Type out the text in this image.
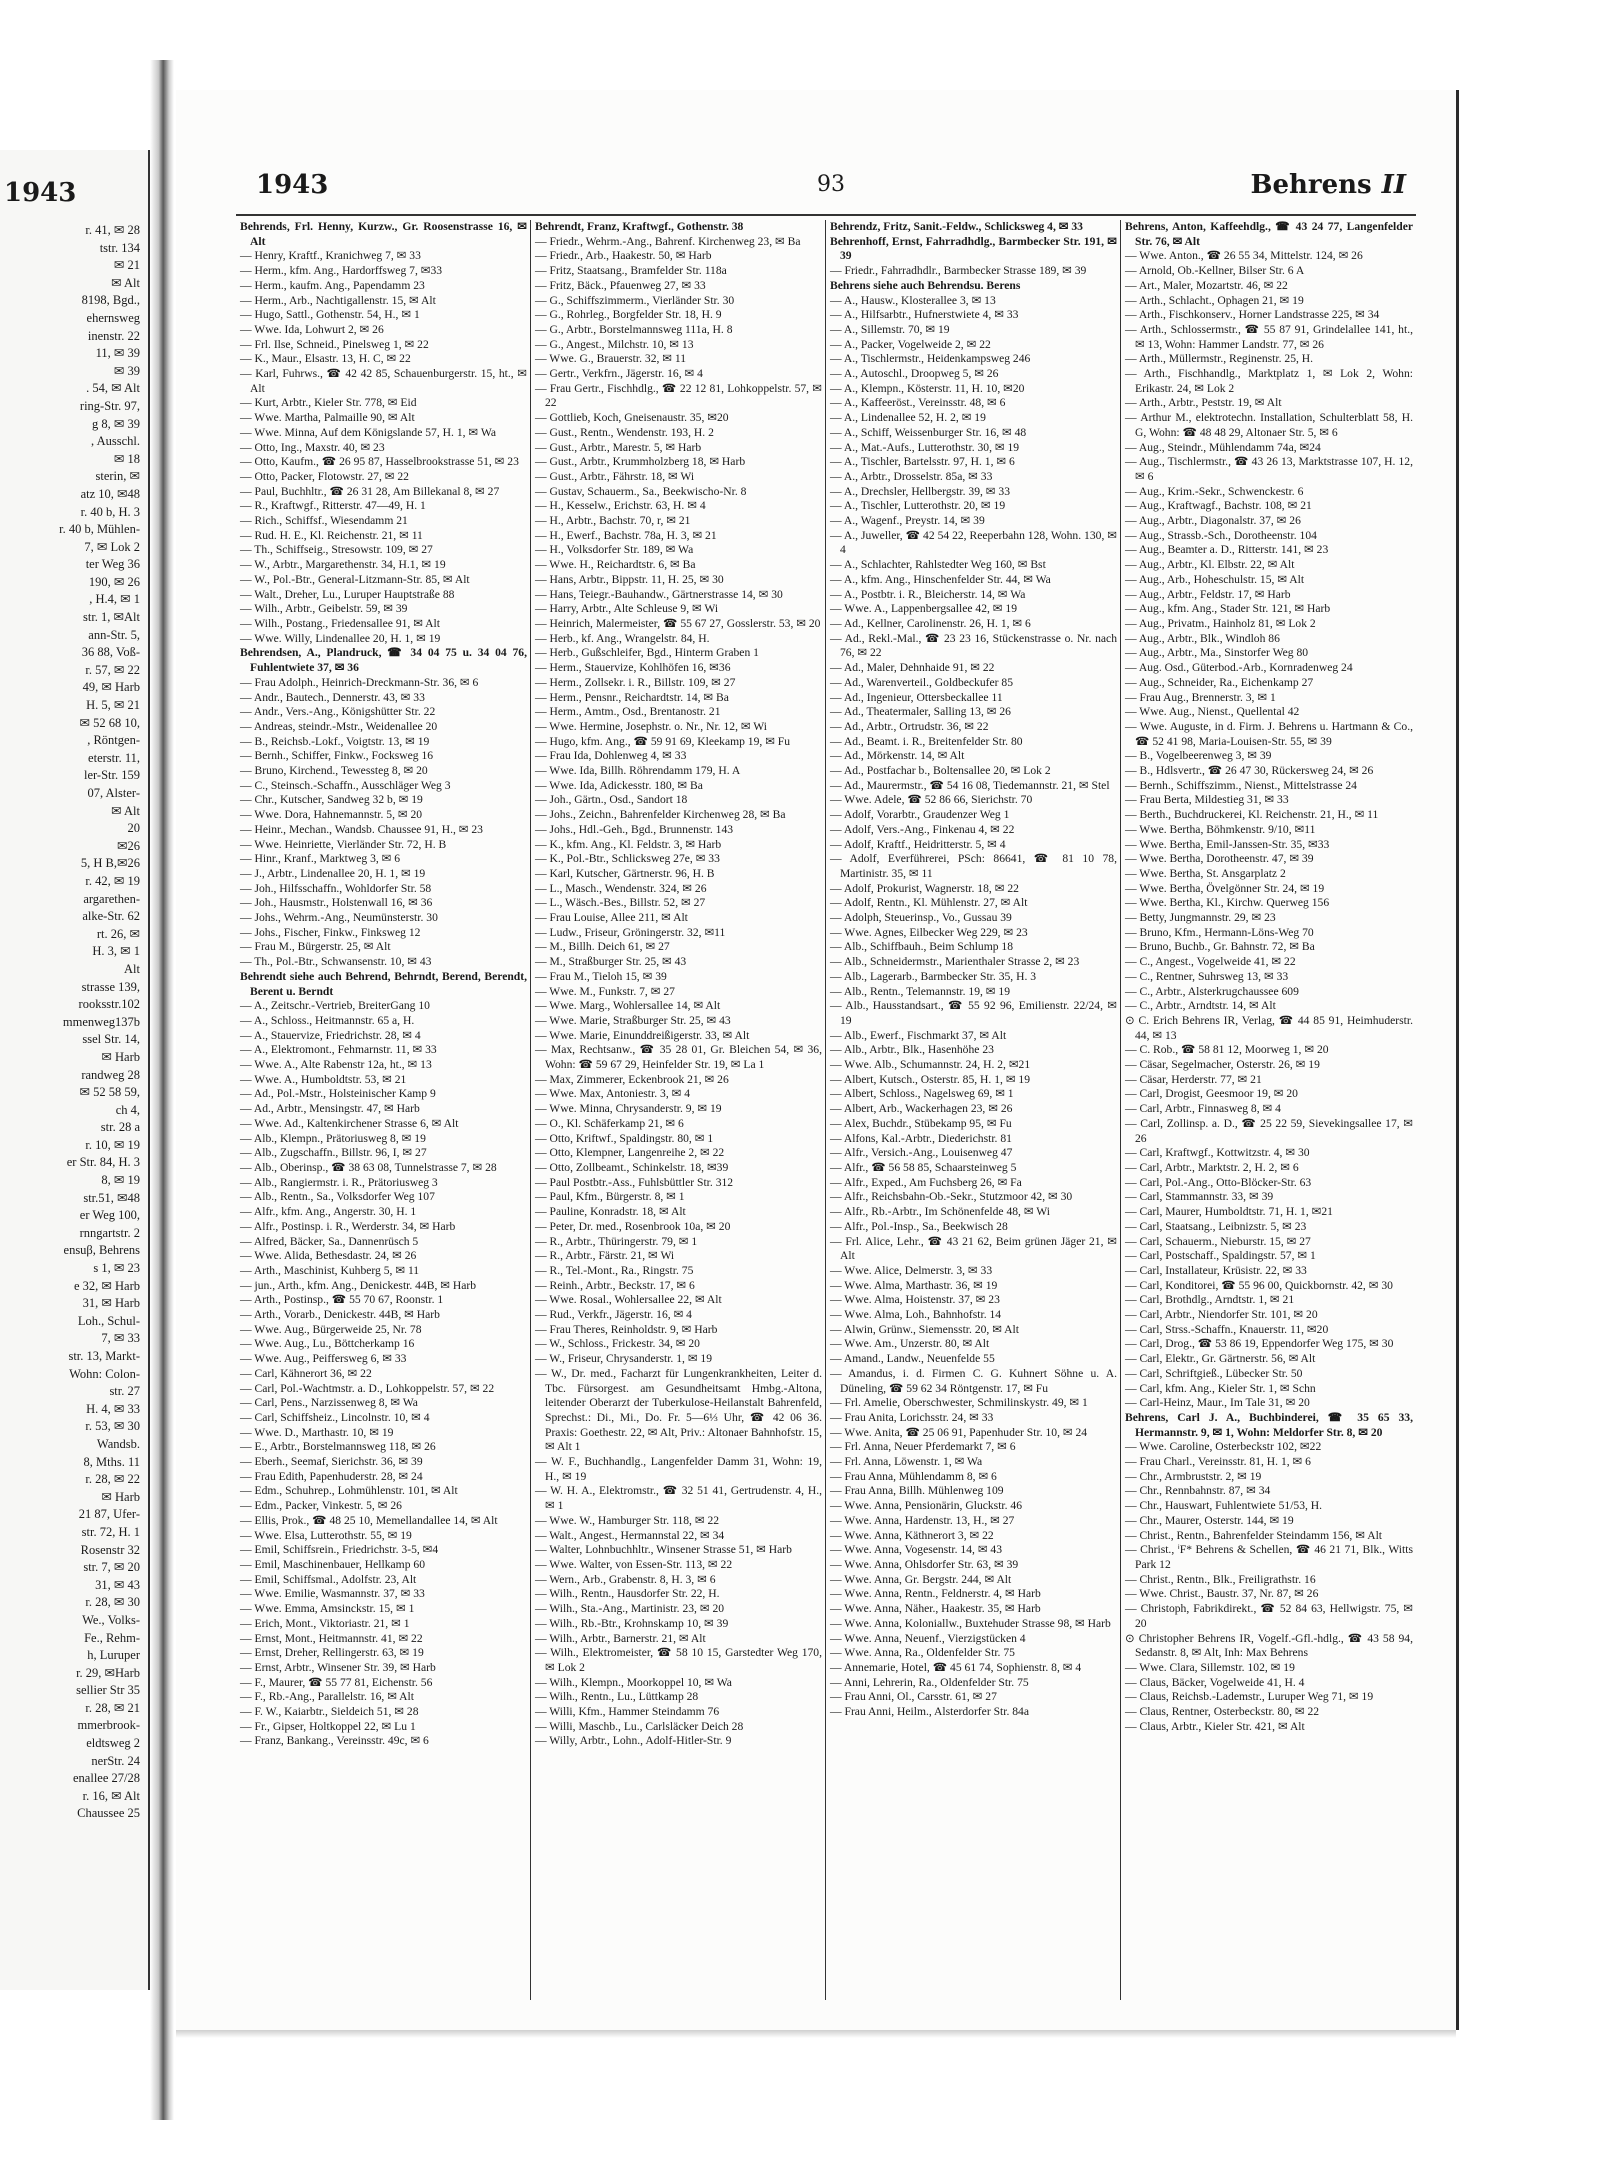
1943
r. 41, ✉ 28
tstr. 134
✉ 21
✉ Alt
8198, Bgd.,
ehernsweg
inenstr. 22
11, ✉ 39
✉ 39
. 54, ✉ Alt
ring-Str. 97,
g 8, ✉ 39
, Ausschl.
✉ 18
sterin, ✉
atz 10, ✉48
r. 40 b, H. 3
r. 40 b, Mühlen-
7, ✉ Lok 2
ter Weg 36
190, ✉ 26
, H.4, ✉ 1
str. 1, ✉Alt
ann-Str. 5,
36 88, Voß-
r. 57, ✉ 22
49, ✉ Harb
H. 5, ✉ 21
✉ 52 68 10,
, Röntgen-
eterstr. 11,
ler-Str. 159
07, Alster-
✉ Alt
20
✉26
5, H B,✉26
r. 42, ✉ 19
argarethen-
alke-Str. 62
rt. 26, ✉
H. 3, ✉ 1
Alt
strasse 139,
rooksstr.102
mmenweg137b
ssel Str. 14,
✉ Harb
randweg 28
✉ 52 58 59,
ch 4,
str. 28 a
r. 10, ✉ 19
er Str. 84, H. 3
8, ✉ 19
str.51, ✉48
er Weg 100,
rnngartstr. 2
ensuβ, Behrens
s 1, ✉ 23
e 32, ✉ Harb
31, ✉ Harb
Loh., Schul-
7, ✉ 33
str. 13, Markt-
Wohn: Colon-
str. 27
H. 4, ✉ 33
r. 53, ✉ 30
Wandsb.
8, Mths. 11
r. 28, ✉ 22
✉ Harb
21 87, Ufer-
str. 72, H. 1
Rosenstr 32
str. 7, ✉ 20
31, ✉ 43
r. 28, ✉ 30
We., Volks-
Fe., Rehm-
h, Luruper
r. 29, ✉Harb
sellier Str 35
r. 28, ✉ 21
mmerbrook-
eldtsweg 2
nerStr. 24
enallee 27/28
r. 16, ✉ Alt
Chaussee 25
1943	93	Behrens II
Behrends, Frl. Henny, Kurzw., Gr. Roosenstrasse 16, ✉ Alt
— Henry, Kraftf., Kranichweg 7, ✉ 33
— Herm., kfm. Ang., Hardorffsweg 7, ✉33
— Herm., kaufm. Ang., Papendamm 23
— Herm., Arb., Nachtigallenstr. 15, ✉ Alt
— Hugo, Sattl., Gothenstr. 54, H., ✉ 1
— Wwe. Ida, Lohwurt 2, ✉ 26
— Frl. Ilse, Schneid., Pinelsweg 1, ✉ 22
— K., Maur., Elsastr. 13, H. C, ✉ 22
— Karl, Fuhrws., ☎ 42 42 85, Schauenburgerstr. 15, ht., ✉ Alt
— Kurt, Arbtr., Kieler Str. 778, ✉ Eid
— Wwe. Martha, Palmaille 90, ✉ Alt
— Wwe. Minna, Auf dem Königslande 57, H. 1, ✉ Wa
— Otto, Ing., Maxstr. 40, ✉ 23
— Otto, Kaufm., ☎ 26 95 87, Hasselbrookstrasse 51, ✉ 23
— Otto, Packer, Flotowstr. 27, ✉ 22
— Paul, Buchhltr., ☎ 26 31 28, Am Billekanal 8, ✉ 27
— R., Kraftwgf., Ritterstr. 47—49, H. 1
— Rich., Schiffsf., Wiesendamm 21
— Rud. H. E., Kl. Reichenstr. 21, ✉ 11
— Th., Schiffseig., Stresowstr. 109, ✉ 27
— W., Arbtr., Margarethenstr. 34, H.1, ✉ 19
— W., Pol.-Btr., General-Litzmann-Str. 85, ✉ Alt
— Walt., Dreher, Lu., Luruper Hauptstraße 88
— Wilh., Arbtr., Geibelstr. 59, ✉ 39
— Wilh., Postang., Friedensallee 91, ✉ Alt
— Wwe. Willy, Lindenallee 20, H. 1, ✉ 19
Behrendsen, A., Plandruck, ☎ 34 04 75 u. 34 04 76, Fuhlentwiete 37, ✉ 36
— Frau Adolph., Heinrich-Dreckmann-Str. 36, ✉ 6
— Andr., Bautech., Dennerstr. 43, ✉ 33
— Andr., Vers.-Ang., Königshütter Str. 22
— Andreas, steindr.-Mstr., Weidenallee 20
— B., Reichsb.-Lokf., Voigtstr. 13, ✉ 19
— Bernh., Schiffer, Finkw., Focksweg 16
— Bruno, Kirchend., Tewessteg 8, ✉ 20
— C., Steinsch.-Schaffn., Ausschläger Weg 3
— Chr., Kutscher, Sandweg 32 b, ✉ 19
— Wwe. Dora, Hahnemannstr. 5, ✉ 20
— Heinr., Mechan., Wandsb. Chaussee 91, H., ✉ 23
— Wwe. Heinriette, Vierländer Str. 72, H. B
— Hinr., Kranf., Marktweg 3, ✉ 6
— J., Arbtr., Lindenallee 20, H. 1, ✉ 19
— Joh., Hilfsschaffn., Wohldorfer Str. 58
— Joh., Hausmstr., Holstenwall 16, ✉ 36
— Johs., Wehrm.-Ang., Neumünsterstr. 30
— Johs., Fischer, Finkw., Finksweg 12
— Frau M., Bürgerstr. 25, ✉ Alt
— Th., Pol.-Btr., Schwansenstr. 10, ✉ 43
Behrendt siehe auch Behrend, Behrndt, Berend, Berendt, Berent u. Berndt
— A., Zeitschr.-Vertrieb, BreiterGang 10
— A., Schloss., Heitmannstr. 65 a, H.
— A., Stauervize, Friedrichstr. 28, ✉ 4
— A., Elektromont., Fehmarnstr. 11, ✉ 33
— Wwe. A., Alte Rabenstr 12a, ht., ✉ 13
— Wwe. A., Humboldtstr. 53, ✉ 21
— Ad., Pol.-Mstr., Holsteinischer Kamp 9
— Ad., Arbtr., Mensingstr. 47, ✉ Harb
— Wwe. Ad., Kaltenkirchener Strasse 6, ✉ Alt
— Alb., Klempn., Prätoriusweg 8, ✉ 19
— Alb., Zugschaffn., Billstr. 96, I, ✉ 27
— Alb., Oberinsp., ☎ 38 63 08, Tunnelstrasse 7, ✉ 28
— Alb., Rangiermstr. i. R., Prätoriusweg 3
— Alb., Rentn., Sa., Volksdorfer Weg 107
— Alfr., kfm. Ang., Angerstr. 30, H. 1
— Alfr., Postinsp. i. R., Werderstr. 34, ✉ Harb
— Alfred, Bäcker, Sa., Dannenrüsch 5
— Wwe. Alida, Bethesdastr. 24, ✉ 26
— Arth., Maschinist, Kuhberg 5, ✉ 11
— jun., Arth., kfm. Ang., Denickestr. 44B, ✉ Harb
— Arth., Postinsp., ☎ 55 70 67, Roonstr. 1
— Arth., Vorarb., Denickestr. 44B, ✉ Harb
— Wwe. Aug., Bürgerweide 25, Nr. 78
— Wwe. Aug., Lu., Böttcherkamp 16
— Wwe. Aug., Peiffersweg 6, ✉ 33
— Carl, Kähnerort 36, ✉ 22
— Carl, Pol.-Wachtmstr. a. D., Lohkoppelstr. 57, ✉ 22
— Carl, Pens., Narzissenweg 8, ✉ Wa
— Carl, Schiffsheiz., Lincolnstr. 10, ✉ 4
— Wwe. D., Marthastr. 10, ✉ 19
— E., Arbtr., Borstelmannsweg 118, ✉ 26
— Eberh., Seemaf, Sierichstr. 36, ✉ 39
— Frau Edith, Papenhuderstr. 28, ✉ 24
— Edm., Schuhrep., Lohmühlenstr. 101, ✉ Alt
— Edm., Packer, Vinkestr. 5, ✉ 26
— Ellis, Prok., ☎ 48 25 10, Memellandallee 14, ✉ Alt
— Wwe. Elsa, Lutterothstr. 55, ✉ 19
— Emil, Schiffsrein., Friedrichstr. 3-5, ✉4
— Emil, Maschinenbauer, Hellkamp 60
— Emil, Schiffsmal., Adolfstr. 23, Alt
— Wwe. Emilie, Wasmannstr. 37, ✉ 33
— Wwe. Emma, Amsinckstr. 15, ✉ 1
— Erich, Mont., Viktoriastr. 21, ✉ 1
— Ernst, Mont., Heitmannstr. 41, ✉ 22
— Ernst, Dreher, Rellingerstr. 63, ✉ 19
— Ernst, Arbtr., Winsener Str. 39, ✉ Harb
— F., Maurer, ☎ 55 77 81, Eichenstr. 56
— F., Rb.-Ang., Parallelstr. 16, ✉ Alt
— F. W., Kaiarbtr., Sieldeich 51, ✉ 28
— Fr., Gipser, Holtkoppel 22, ✉ Lu 1
— Franz, Bankang., Vereinsstr. 49c, ✉ 6
Behrendt, Franz, Kraftwgf., Gothenstr. 38
— Friedr., Wehrm.-Ang., Bahrenf. Kirchenweg 23, ✉ Ba
— Friedr., Arb., Haakestr. 50, ✉ Harb
— Fritz, Staatsang., Bramfelder Str. 118a
— Fritz, Bäck., Pfauenweg 27, ✉ 33
— G., Schiffszimmerm., Vierländer Str. 30
— G., Rohrleg., Borgfelder Str. 18, H. 9
— G., Arbtr., Borstelmannsweg 111a, H. 8
— G., Angest., Milchstr. 10, ✉ 13
— Wwe. G., Brauerstr. 32, ✉ 11
— Gertr., Verkfrn., Jägerstr. 16, ✉ 4
— Frau Gertr., Fischhdlg., ☎ 22 12 81, Lohkoppelstr. 57, ✉ 22
— Gottlieb, Koch, Gneisenaustr. 35, ✉20
— Gust., Rentn., Wendenstr. 193, H. 2
— Gust., Arbtr., Marestr. 5, ✉ Harb
— Gust., Arbtr., Krummholzberg 18, ✉ Harb
— Gust., Arbtr., Fährstr. 18, ✉ Wi
— Gustav, Schauerm., Sa., Beekwischo-Nr. 8
— H., Kesselw., Erichstr. 63, H. ✉ 4
— H., Arbtr., Bachstr. 70, r, ✉ 21
— H., Ewerf., Bachstr. 78a, H. 3, ✉ 21
— H., Volksdorfer Str. 189, ✉ Wa
— Wwe. H., Reichardtstr. 6, ✉ Ba
— Hans, Arbtr., Bippstr. 11, H. 25, ✉ 30
— Hans, Teiegr.-Bauhandw., Gärtnerstrasse 14, ✉ 30
— Harry, Arbtr., Alte Schleuse 9, ✉ Wi
— Heinrich, Malermeister, ☎ 55 67 27, Gosslerstr. 53, ✉ 20
— Herb., kf. Ang., Wrangelstr. 84, H.
— Herb., Gußschleifer, Bgd., Hinterm Graben 1
— Herm., Stauervize, Kohlhöfen 16, ✉36
— Herm., Zollsekr. i. R., Billstr. 109, ✉ 27
— Herm., Pensnr., Reichardtstr. 14, ✉ Ba
— Herm., Amtm., Osd., Brentanostr. 21
— Wwe. Hermine, Josephstr. o. Nr., Nr. 12, ✉ Wi
— Hugo, kfm. Ang., ☎ 59 91 69, Kleekamp 19, ✉ Fu
— Frau Ida, Dohlenweg 4, ✉ 33
— Wwe. Ida, Billh. Röhrendamm 179, H. A
— Wwe. Ida, Adickesstr. 180, ✉ Ba
— Joh., Gärtn., Osd., Sandort 18
— Johs., Zeichn., Bahrenfelder Kirchenweg 28, ✉ Ba
— Johs., Hdl.-Geh., Bgd., Brunnenstr. 143
— K., kfm. Ang., Kl. Feldstr. 3, ✉ Harb
— K., Pol.-Btr., Schlicksweg 27e, ✉ 33
— Karl, Kutscher, Gärtnerstr. 96, H. B
— L., Masch., Wendenstr. 324, ✉ 26
— L., Wäsch.-Bes., Billstr. 52, ✉ 27
— Frau Louise, Allee 211, ✉ Alt
— Ludw., Friseur, Gröningerstr. 32, ✉11
— M., Billh. Deich 61, ✉ 27
— M., Straßburger Str. 25, ✉ 43
— Frau M., Tieloh 15, ✉ 39
— Wwe. M., Funkstr. 7, ✉ 27
— Wwe. Marg., Wohlersallee 14, ✉ Alt
— Wwe. Marie, Straßburger Str. 25, ✉ 43
— Wwe. Marie, Einunddreißigerstr. 33, ✉ Alt
— Max, Rechtsanw., ☎ 35 28 01, Gr. Bleichen 54, ✉ 36, Wohn: ☎ 59 67 29, Heinfelder Str. 19, ✉ La 1
— Max, Zimmerer, Eckenbrook 21, ✉ 26
— Wwe. Max, Antoniestr. 3, ✉ 4
— Wwe. Minna, Chrysanderstr. 9, ✉ 19
— O., Kl. Schäferkamp 21, ✉ 6
— Otto, Kriftwf., Spaldingstr. 80, ✉ 1
— Otto, Klempner, Langenreihe 2, ✉ 22
— Otto, Zollbeamt., Schinkelstr. 18, ✉39
— Paul Postbtr.-Ass., Fuhlsbüttler Str. 312
— Paul, Kfm., Bürgerstr. 8, ✉ 1
— Pauline, Konradstr. 18, ✉ Alt
— Peter, Dr. med., Rosenbrook 10a, ✉ 20
— R., Arbtr., Thüringerstr. 79, ✉ 1
— R., Arbtr., Färstr. 21, ✉ Wi
— R., Tel.-Mont., Ra., Ringstr. 75
— Reinh., Arbtr., Beckstr. 17, ✉ 6
— Wwe. Rosal., Wohlersallee 22, ✉ Alt
— Rud., Verkfr., Jägerstr. 16, ✉ 4
— Frau Theres, Reinholdstr. 9, ✉ Harb
— W., Schloss., Frickestr. 34, ✉ 20
— W., Friseur, Chrysanderstr. 1, ✉ 19
— W., Dr. med., Facharzt für Lungenkrankheiten, Leiter d. Tbc. Fürsorgest. am Gesundheitsamt Hmbg.-Altona, leitender Oberarzt der Tuberkulose-Heilanstalt Bahrenfeld, Sprechst.: Di., Mi., Do. Fr. 5—6⅓ Uhr, ☎ 42 06 36. Praxis: Goethestr. 22, ✉ Alt, Priv.: Altonaer Bahnhofstr. 15, ✉ Alt 1
— W. F., Buchhandlg., Langenfelder Damm 31, Wohn: 19, H., ✉ 19
— W. H. A., Elektromstr., ☎ 32 51 41, Gertrudenstr. 4, H., ✉ 1
— Wwe. W., Hamburger Str. 118, ✉ 22
— Walt., Angest., Hermannstal 22, ✉ 34
— Walter, Lohnbuchhltr., Winsener Strasse 51, ✉ Harb
— Wwe. Walter, von Essen-Str. 113, ✉ 22
— Wern., Arb., Grabenstr. 8, H. 3, ✉ 6
— Wilh., Rentn., Hausdorfer Str. 22, H.
— Wilh., Sta.-Ang., Martinistr. 23, ✉ 20
— Wilh., Rb.-Btr., Krohnskamp 10, ✉ 39
— Wilh., Arbtr., Barnerstr. 21, ✉ Alt
— Wilh., Elektromeister, ☎ 58 10 15, Garstedter Weg 170, ✉ Lok 2
— Wilh., Klempn., Moorkoppel 10, ✉ Wa
— Wilh., Rentn., Lu., Lüttkamp 28
— Willi, Kfm., Hammer Steindamm 76
— Willi, Maschb., Lu., Carlsläcker Deich 28
— Willy, Arbtr., Lohn., Adolf-Hitler-Str. 9
Behrendz, Fritz, Sanit.-Feldw., Schlicksweg 4, ✉ 33
Behrenhoff, Ernst, Fahrradhdlg., Barmbecker Str. 191, ✉ 39
— Friedr., Fahrradhdlr., Barmbecker Strasse 189, ✉ 39
Behrens siehe auch Behrendsu. Berens
— A., Hausw., Klosterallee 3, ✉ 13
— A., Hilfsarbtr., Hufnerstwiete 4, ✉ 33
— A., Sillemstr. 70, ✉ 19
— A., Packer, Vogelweide 2, ✉ 22
— A., Tischlermstr., Heidenkampsweg 246
— A., Autoschl., Droopweg 5, ✉ 26
— A., Klempn., Kösterstr. 11, H. 10, ✉20
— A., Kaffeeröst., Vereinsstr. 48, ✉ 6
— A., Lindenallee 52, H. 2, ✉ 19
— A., Schiff, Weissenburger Str. 16, ✉ 48
— A., Mat.-Aufs., Lutterothstr. 30, ✉ 19
— A., Tischler, Bartelsstr. 97, H. 1, ✉ 6
— A., Arbtr., Drosselstr. 85a, ✉ 33
— A., Drechsler, Hellbergstr. 39, ✉ 33
— A., Tischler, Lutterothstr. 20, ✉ 19
— A., Wagenf., Preystr. 14, ✉ 39
— A., Juweller, ☎ 42 54 22, Reeperbahn 128, Wohn. 130, ✉ 4
— A., Schlachter, Rahlstedter Weg 160, ✉ Bst
— A., kfm. Ang., Hinschenfelder Str. 44, ✉ Wa
— A., Postbtr. i. R., Bleicherstr. 14, ✉ Wa
— Wwe. A., Lappenbergsallee 42, ✉ 19
— Ad., Kellner, Carolinenstr. 26, H. 1, ✉ 6
— Ad., Rekl.-Mal., ☎ 23 23 16, Stückenstrasse o. Nr. nach 76, ✉ 22
— Ad., Maler, Dehnhaide 91, ✉ 22
— Ad., Warenverteil., Goldbeckufer 85
— Ad., Ingenieur, Ottersbeckallee 11
— Ad., Theatermaler, Salling 13, ✉ 26
— Ad., Arbtr., Ortrudstr. 36, ✉ 22
— Ad., Beamt. i. R., Breitenfelder Str. 80
— Ad., Mörkenstr. 14, ✉ Alt
— Ad., Postfachar b., Boltensallee 20, ✉ Lok 2
— Ad., Maurermstr., ☎ 54 16 08, Tiedemannstr. 21, ✉ Stel
— Wwe. Adele, ☎ 52 86 66, Sierichstr. 70
— Adolf, Vorarbtr., Graudenzer Weg 1
— Adolf, Vers.-Ang., Finkenau 4, ✉ 22
— Adolf, Kraftf., Heidritterstr. 5, ✉ 4
— Adolf, Everführerei, PSch: 86641, ☎ 81 10 78, Martinistr. 35, ✉ 11
— Adolf, Prokurist, Wagnerstr. 18, ✉ 22
— Adolf, Rentn., Kl. Mühlenstr. 27, ✉ Alt
— Adolph, Steuerinsp., Vo., Gussau 39
— Wwe. Agnes, Eilbecker Weg 229, ✉ 23
— Alb., Schiffbauh., Beim Schlump 18
— Alb., Schneidermstr., Marienthaler Strasse 2, ✉ 23
— Alb., Lagerarb., Barmbecker Str. 35, H. 3
— Alb., Rentn., Telemannstr. 19, ✉ 19
— Alb., Hausstandsart., ☎ 55 92 96, Emilienstr. 22/24, ✉ 19
— Alb., Ewerf., Fischmarkt 37, ✉ Alt
— Alb., Arbtr., Blk., Hasenhöhe 23
— Wwe. Alb., Schumannstr. 24, H. 2, ✉21
— Albert, Kutsch., Osterstr. 85, H. 1, ✉ 19
— Albert, Schloss., Nagelsweg 69, ✉ 1
— Albert, Arb., Wackerhagen 23, ✉ 26
— Alex, Buchdr., Stübekamp 95, ✉ Fu
— Alfons, Kal.-Arbtr., Diederichstr. 81
— Alfr., Versich.-Ang., Louisenweg 47
— Alfr., ☎ 56 58 85, Schaarsteinweg 5
— Alfr., Exped., Am Fuchsberg 26, ✉ Fa
— Alfr., Reichsbahn-Ob.-Sekr., Stutzmoor 42, ✉ 30
— Alfr., Rb.-Arbtr., Im Schönenfelde 48, ✉ Wi
— Alfr., Pol.-Insp., Sa., Beekwisch 28
— Frl. Alice, Lehr., ☎ 43 21 62, Beim grünen Jäger 21, ✉ Alt
— Wwe. Alice, Delmerstr. 3, ✉ 33
— Wwe. Alma, Marthastr. 36, ✉ 19
— Wwe. Alma, Hoistenstr. 37, ✉ 23
— Wwe. Alma, Loh., Bahnhofstr. 14
— Alwin, Grünw., Siemensstr. 20, ✉ Alt
— Wwe. Am., Unzerstr. 80, ✉ Alt
— Amand., Landw., Neuenfelde 55
— Amandus, i. d. Firmen C. G. Kuhnert Söhne u. A. Düneling, ☎ 59 62 34 Röntgenstr. 17, ✉ Fu
— Frl. Amelie, Oberschwester, Schmilinskystr. 49, ✉ 1
— Frau Anita, Lorichsstr. 24, ✉ 33
— Wwe. Anita, ☎ 25 06 91, Papenhuder Str. 10, ✉ 24
— Frl. Anna, Neuer Pferdemarkt 7, ✉ 6
— Frl. Anna, Löwenstr. 1, ✉ Wa
— Frau Anna, Mühlendamm 8, ✉ 6
— Frau Anna, Billh. Mühlenweg 109
— Wwe. Anna, Pensionärin, Gluckstr. 46
— Wwe. Anna, Hardenstr. 13, H., ✉ 27
— Wwe. Anna, Käthnerort 3, ✉ 22
— Wwe. Anna, Vogesenstr. 14, ✉ 43
— Wwe. Anna, Ohlsdorfer Str. 63, ✉ 39
— Wwe. Anna, Gr. Bergstr. 244, ✉ Alt
— Wwe. Anna, Rentn., Feldnerstr. 4, ✉ Harb
— Wwe. Anna, Näher., Haakestr. 35, ✉ Harb
— Wwe. Anna, Koloniallw., Buxtehuder Strasse 98, ✉ Harb
— Wwe. Anna, Neuenf., Vierzigstücken 4
— Wwe. Anna, Ra., Oldenfelder Str. 75
— Annemarie, Hotel, ☎ 45 61 74, Sophienstr. 8, ✉ 4
— Anni, Lehrerin, Ra., Oldenfelder Str. 75
— Frau Anni, Ol., Carsstr. 61, ✉ 27
— Frau Anni, Heilm., Alsterdorfer Str. 84a
Behrens, Anton, Kaffeehdlg., ☎ 43 24 77, Langenfelder Str. 76, ✉ Alt
— Wwe. Anton., ☎ 26 55 34, Mittelstr. 124, ✉ 26
— Arnold, Ob.-Kellner, Bilser Str. 6 A
— Art., Maler, Mozartstr. 46, ✉ 22
— Arth., Schlacht., Ophagen 21, ✉ 19
— Arth., Fischkonserv., Horner Landstrasse 225, ✉ 34
— Arth., Schlossermstr., ☎ 55 87 91, Grindelallee 141, ht., ✉ 13, Wohn: Hammer Landstr. 77, ✉ 26
— Arth., Müllermstr., Reginenstr. 25, H.
— Arth., Fischhandlg., Marktplatz 1, ✉ Lok 2, Wohn: Erikastr. 24, ✉ Lok 2
— Arth., Arbtr., Peststr. 19, ✉ Alt
— Arthur M., elektrotechn. Installation, Schulterblatt 58, H. G, Wohn: ☎ 48 48 29, Altonaer Str. 5, ✉ 6
— Aug., Steindr., Mühlendamm 74a, ✉24
— Aug., Tischlermstr., ☎ 43 26 13, Marktstrasse 107, H. 12, ✉ 6
— Aug., Krim.-Sekr., Schwenckestr. 6
— Aug., Kraftwagf., Bachstr. 108, ✉ 21
— Aug., Arbtr., Diagonalstr. 37, ✉ 26
— Aug., Strassb.-Sch., Dorotheenstr. 104
— Aug., Beamter a. D., Ritterstr. 141, ✉ 23
— Aug., Arbtr., Kl. Elbstr. 22, ✉ Alt
— Aug., Arb., Hoheschulstr. 15, ✉ Alt
— Aug., Arbtr., Feldstr. 17, ✉ Harb
— Aug., kfm. Ang., Stader Str. 121, ✉ Harb
— Aug., Privatm., Hainholz 81, ✉ Lok 2
— Aug., Arbtr., Blk., Windloh 86
— Aug., Arbtr., Ma., Sinstorfer Weg 80
— Aug. Osd., Güterbod.-Arb., Kornradenweg 24
— Aug., Schneider, Ra., Eichenkamp 27
— Frau Aug., Brennerstr. 3, ✉ 1
— Wwe. Aug., Nienst., Quellental 42
— Wwe. Auguste, in d. Firm. J. Behrens u. Hartmann & Co., ☎ 52 41 98, Maria-Louisen-Str. 55, ✉ 39
— B., Vogelbeerenweg 3, ✉ 39
— B., Hdlsvertr., ☎ 26 47 30, Rückersweg 24, ✉ 26
— Bernh., Schiffszimm., Nienst., Mittelstrasse 24
— Frau Berta, Mildestieg 31, ✉ 33
— Berth., Buchdruckerei, Kl. Reichenstr. 21, H., ✉ 11
— Wwe. Bertha, Böhmkenstr. 9/10, ✉11
— Wwe. Bertha, Emil-Janssen-Str. 35, ✉33
— Wwe. Bertha, Dorotheenstr. 47, ✉ 39
— Wwe. Bertha, St. Ansgarplatz 2
— Wwe. Bertha, Övelgönner Str. 24, ✉ 19
— Wwe. Bertha, Kl., Kirchw. Querweg 156
— Betty, Jungmannstr. 29, ✉ 23
— Bruno, Kfm., Hermann-Löns-Weg 70
— Bruno, Buchb., Gr. Bahnstr. 72, ✉ Ba
— C., Angest., Vogelweide 41, ✉ 22
— C., Rentner, Suhrsweg 13, ✉ 33
— C., Arbtr., Alsterkrugchaussee 609
— C., Arbtr., Arndtstr. 14, ✉ Alt
⊙ C. Erich Behrens IR, Verlag, ☎ 44 85 91, Heimhuderstr. 44, ✉ 13
— C. Rob., ☎ 58 81 12, Moorweg 1, ✉ 20
— Cäsar, Segelmacher, Osterstr. 26, ✉ 19
— Cäsar, Herderstr. 77, ✉ 21
— Carl, Drogist, Geesmoor 19, ✉ 20
— Carl, Arbtr., Finnasweg 8, ✉ 4
— Carl, Zollinsp. a. D., ☎ 25 22 59, Sievekingsallee 17, ✉ 26
— Carl, Kraftwgf., Kottwitzstr. 4, ✉ 30
— Carl, Arbtr., Marktstr. 2, H. 2, ✉ 6
— Carl, Pol.-Ang., Otto-Blöcker-Str. 63
— Carl, Stammannstr. 33, ✉ 39
— Carl, Maurer, Humboldtstr. 71, H. 1, ✉21
— Carl, Staatsang., Leibnizstr. 5, ✉ 23
— Carl, Schauerm., Nieburstr. 15, ✉ 27
— Carl, Postschaff., Spaldingstr. 57, ✉ 1
— Carl, Installateur, Krüsistr. 22, ✉ 33
— Carl, Konditorei, ☎ 55 96 00, Quickbornstr. 42, ✉ 30
— Carl, Brothdlg., Arndtstr. 1, ✉ 21
— Carl, Arbtr., Niendorfer Str. 101, ✉ 20
— Carl, Strss.-Schaffn., Knauerstr. 11, ✉20
— Carl, Drog., ☎ 53 86 19, Eppendorfer Weg 175, ✉ 30
— Carl, Elektr., Gr. Gärtnerstr. 56, ✉ Alt
— Carl, Schriftgieß., Lübecker Str. 50
— Carl, kfm. Ang., Kieler Str. 1, ✉ Schn
— Carl-Heinz, Maur., Im Tale 31, ✉ 20
Behrens, Carl J. A., Buchbinderei, ☎ 35 65 33, Hermannstr. 9, ✉ 1, Wohn: Meldorfer Str. 8, ✉ 20
— Wwe. Caroline, Osterbeckstr 102, ✉22
— Frau Charl., Vereinsstr. 81, H. 1, ✉ 6
— Chr., Armbruststr. 2, ✉ 19
— Chr., Rennbahnstr. 87, ✉ 34
— Chr., Hauswart, Fuhlentwiete 51/53, H.
— Chr., Maurer, Osterstr. 144, ✉ 19
— Christ., Rentn., Bahrenfelder Steindamm 156, ✉ Alt
— Christ., ⁱF* Behrens & Schellen, ☎ 46 21 71, Blk., Witts Park 12
— Christ., Rentn., Blk., Freiligrathstr. 16
— Wwe. Christ., Baustr. 37, Nr. 87, ✉ 26
— Christoph, Fabrikdirekt., ☎ 52 84 63, Hellwigstr. 75, ✉ 20
⊙ Christopher Behrens IR, Vogelf.-Gfl.-hdlg., ☎ 43 58 94, Sedanstr. 8, ✉ Alt, Inh: Max Behrens
— Wwe. Clara, Sillemstr. 102, ✉ 19
— Claus, Bäcker, Vogelweide 41, H. 4
— Claus, Reichsb.-Lademstr., Luruper Weg 71, ✉ 19
— Claus, Rentner, Osterbeckstr. 80, ✉ 22
— Claus, Arbtr., Kieler Str. 421, ✉ Alt
